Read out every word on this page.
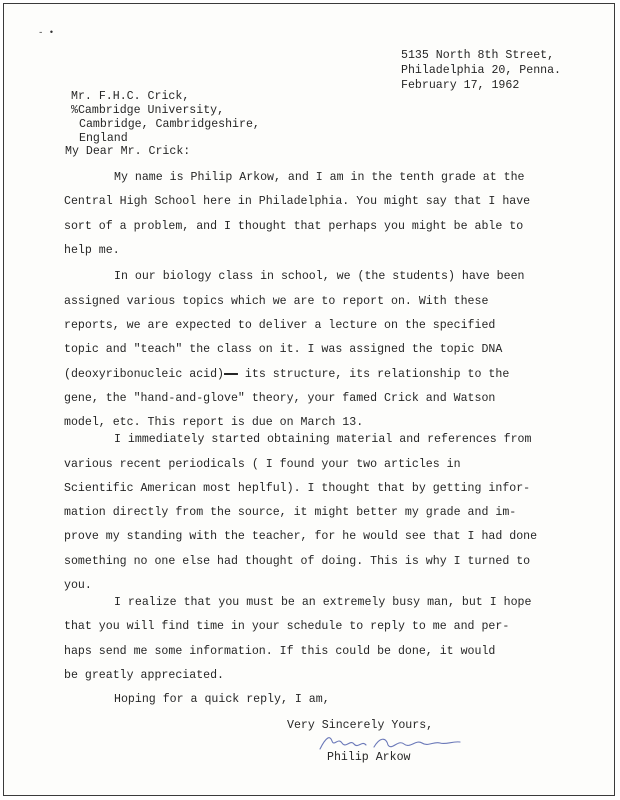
- •
5135 North 8th Street,
Philadelphia 20, Penna.
February 17, 1962
Mr. F.H.C. Crick,
%Cambridge University,
Cambridge, Cambridgeshire,
England
My Dear Mr. Crick:
My name is Philip Arkow, and I am in the tenth grade at the
Central High School here in Philadelphia. You might say that I have
sort of a problem, and I thought that perhaps you might be able to
help me.
In our biology class in school, we (the students) have been
assigned various topics which we are to report on. With these
reports, we are expected to deliver a lecture on the specified
topic and "teach" the class on it. I was assigned the topic DNA
(deoxyribonucleic acid)-- its structure, its relationship to the
gene, the "hand-and-glove" theory, your famed Crick and Watson
model, etc. This report is due on March 13.
I immediately started obtaining material and references from
various recent periodicals ( I found your two articles in
Scientific American most heplful). I thought that by getting infor-
mation directly from the source, it might better my grade and im-
prove my standing with the teacher, for he would see that I had done
something no one else had thought of doing. This is why I turned to
you.
I realize that you must be an extremely busy man, but I hope
that you will find time in your schedule to reply to me and per-
haps send me some information. If this could be done, it would
be greatly appreciated.
Hoping for a quick reply, I am,
Very Sincerely Yours,
Philip Arkow
